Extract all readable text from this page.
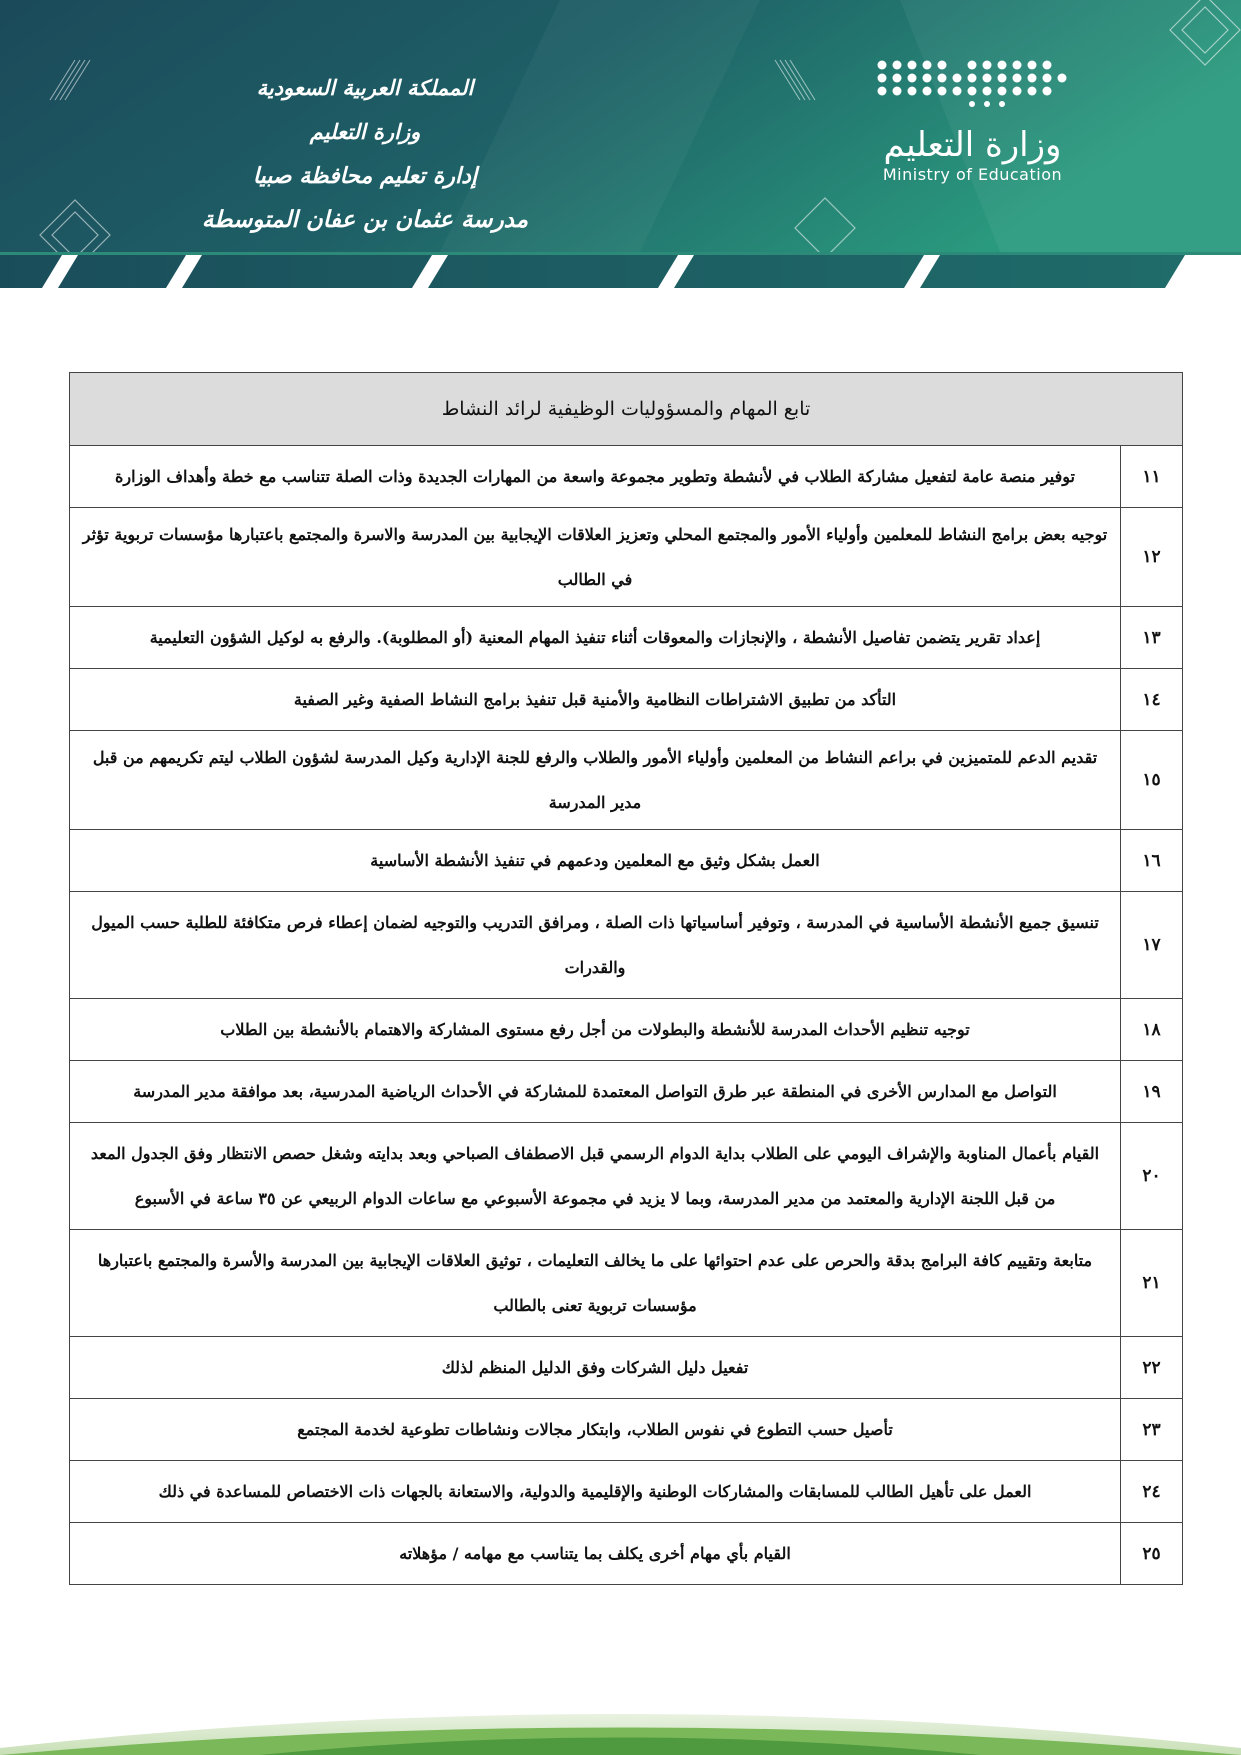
المملكة العربية السعودية
وزارة التعليم
إدارة تعليم محافظة صبيا
مدرسة عثمان بن عفان المتوسطة
وزارة التعليم
Ministry of Education
تابع المهام والمسؤوليات الوظيفية لرائد النشاط	
١١	توفير منصة عامة لتفعيل مشاركة الطلاب في لأنشطة وتطوير مجموعة واسعة من المهارات الجديدة وذات الصلة تتناسب مع خطة وأهداف الوزارة
١٢	توجيه بعض برامج النشاط للمعلمين وأولياء الأمور والمجتمع المحلي وتعزيز العلاقات الإيجابية بين المدرسة والاسرة والمجتمع باعتبارها مؤسسات تربوية تؤثر في الطالب
١٣	إعداد تقرير يتضمن تفاصيل الأنشطة ، والإنجازات والمعوقات أثناء تنفيذ المهام المعنية (أو المطلوبة). والرفع به لوكيل الشؤون التعليمية
١٤	التأكد من تطبيق الاشتراطات النظامية والأمنية قبل تنفيذ برامج النشاط الصفية وغير الصفية
١٥	تقديم الدعم للمتميزين في براعم النشاط من المعلمين وأولياء الأمور والطلاب والرفع للجنة الإدارية وكيل المدرسة لشؤون الطلاب ليتم تكريمهم من قبل مدير المدرسة
١٦	العمل بشكل وثيق مع المعلمين ودعمهم في تنفيذ الأنشطة الأساسية
١٧	تنسيق جميع الأنشطة الأساسية في المدرسة ، وتوفير أساسياتها ذات الصلة ، ومرافق التدريب والتوجيه لضمان إعطاء فرص متكافئة للطلبة حسب الميول والقدرات
١٨	توجيه تنظيم الأحداث المدرسة للأنشطة والبطولات من أجل رفع مستوى المشاركة والاهتمام بالأنشطة بين الطلاب
١٩	التواصل مع المدارس الأخرى في المنطقة عبر طرق التواصل المعتمدة للمشاركة في الأحداث الرياضية المدرسية، بعد موافقة مدير المدرسة
٢٠	القيام بأعمال المناوبة والإشراف اليومي على الطلاب بداية الدوام الرسمي قبل الاصطفاف الصباحي وبعد بدايته وشغل حصص الانتظار وفق الجدول المعد من قبل اللجنة الإدارية والمعتمد من مدير المدرسة، وبما لا يزيد في مجموعة الأسبوعي مع ساعات الدوام الربيعي عن ٣٥ ساعة في الأسبوع
٢١	متابعة وتقييم كافة البرامج بدقة والحرص على عدم احتوائها على ما يخالف التعليمات ، توثيق العلاقات الإيجابية بين المدرسة والأسرة والمجتمع باعتبارها مؤسسات تربوية تعنى بالطالب
٢٢	تفعيل دليل الشركات وفق الدليل المنظم لذلك
٢٣	تأصيل حسب التطوع في نفوس الطلاب، وابتكار مجالات ونشاطات تطوعية لخدمة المجتمع
٢٤	العمل على تأهيل الطالب للمسابقات والمشاركات الوطنية والإقليمية والدولية، والاستعانة بالجهات ذات الاختصاص للمساعدة في ذلك
٢٥	القيام بأي مهام أخرى يكلف بما يتناسب مع مهامه / مؤهلاته
